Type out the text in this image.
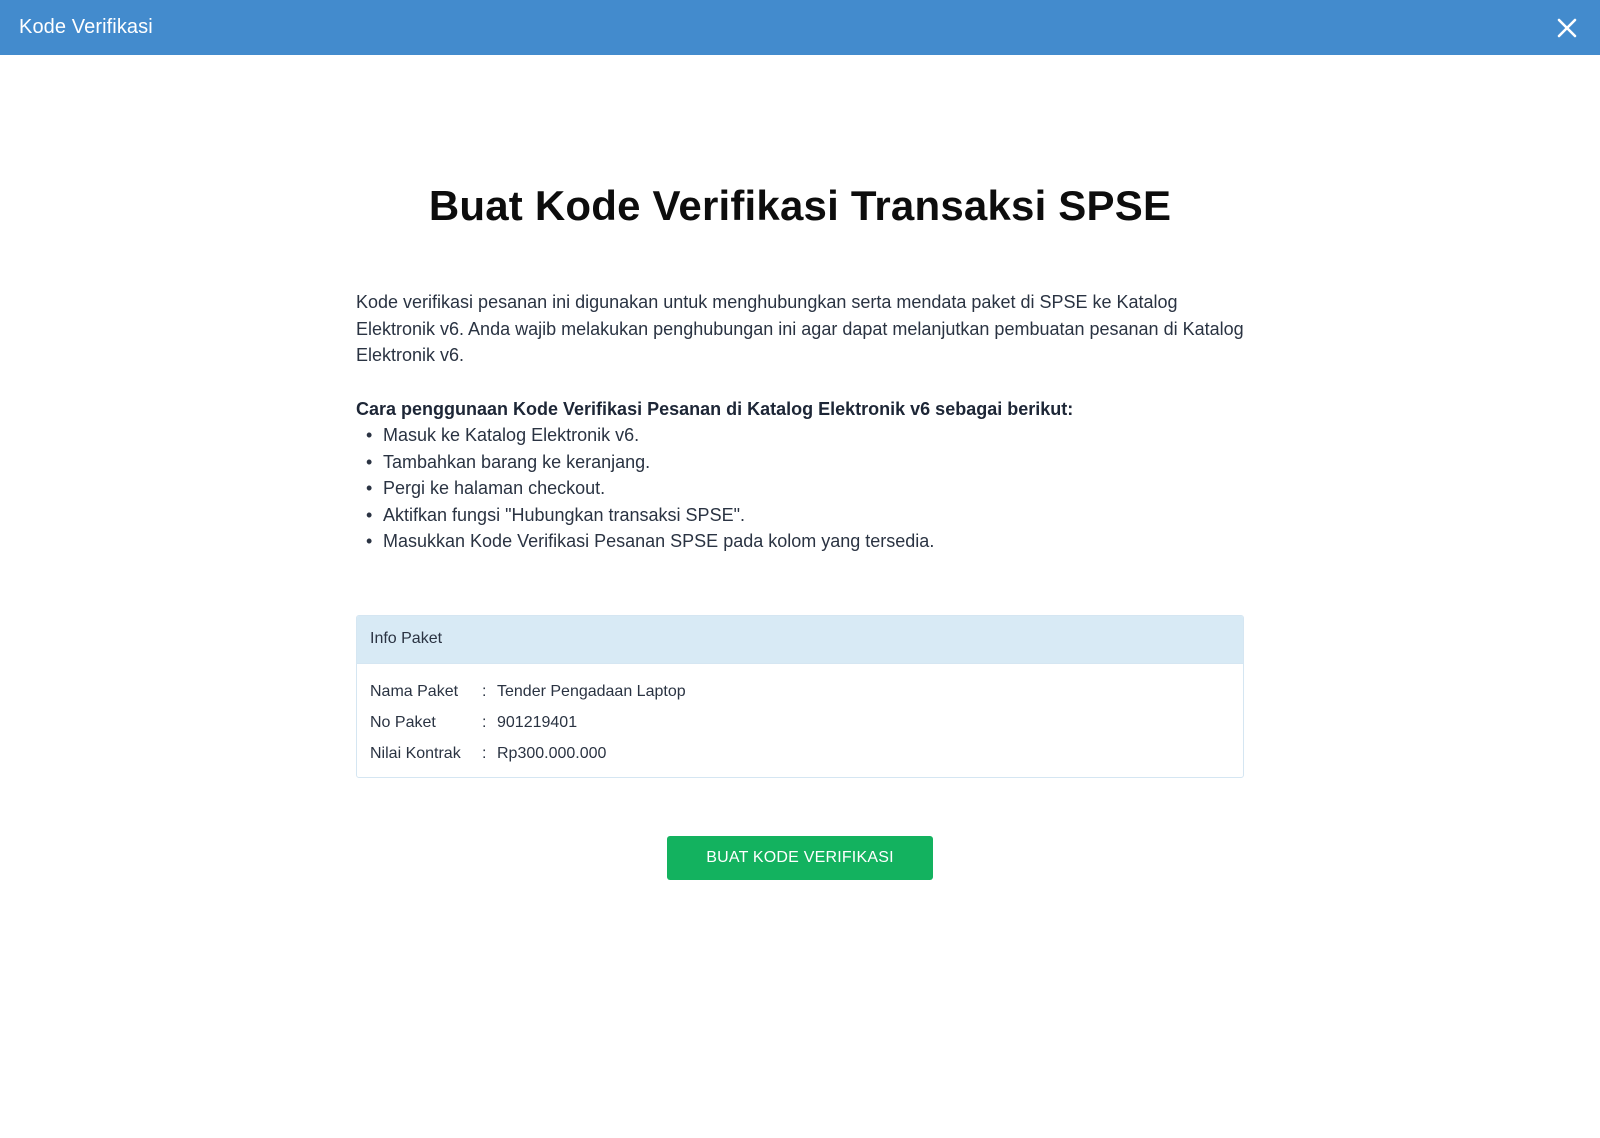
Kode Verifikasi
Buat Kode Verifikasi Transaksi SPSE

Kode verifikasi pesanan ini digunakan untuk menghubungkan serta mendata paket di SPSE ke Katalog Elektronik v6. Anda wajib melakukan penghubungan ini agar dapat melanjutkan pembuatan pesanan di Katalog Elektronik v6.

Cara penggunaan Kode Verifikasi Pesanan di Katalog Elektronik v6 sebagai berikut:
• Masuk ke Katalog Elektronik v6.
• Tambahkan barang ke keranjang.
• Pergi ke halaman checkout.
• Aktifkan fungsi "Hubungkan transaksi SPSE".
• Masukkan Kode Verifikasi Pesanan SPSE pada kolom yang tersedia.
Info Paket
Nama Paket	: Tender Pengadaan Laptop
No Paket	: 901219401
Nilai Kontrak	: Rp300.000.000
BUAT KODE VERIFIKASI
